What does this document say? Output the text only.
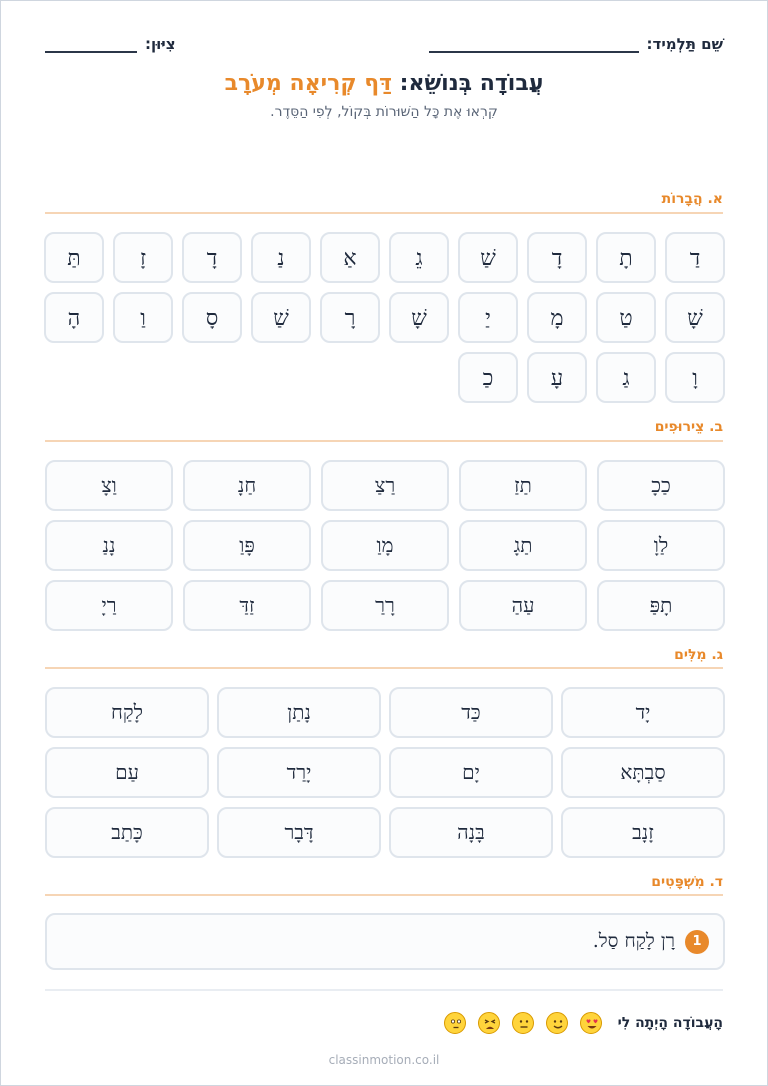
שֵׁם תַּלְמִיד:
צִיּוּן:
עֲבוֹדָה בְּנוֹשֵׂא: דַּף קְרִיאָה מְעֹרָב
קִרְאוּ אֶת כָּל הַשּׁוּרוֹת בְּקוֹל, לְפִי הַסֵּדֶר.
א. הֲבָרוֹת
דַ
תָ
דָ
שַׁ
גֵ
אַ
נַ
דָ
זָ
תַּ
שָׁ
טַ
מָ
יַ
שָׁ
רָ
שַׁ
סָ
וַ
הָ
וָ
גַ
עָ
כַ
ב. צֵירוּפִים
כַכָ
תַזַ
רַצַ
חַנָ
וַצָ
לַוָ
תַגָ
מָוַ
פָּוַ
נָנַ
תָפַּ
עַהַ
רָרַ
זַדַּ
רַיָ
ג. מִלִּים
יָד
כַּד
נָתַן
לָקַח
סַבְתָּא
יָם
יָרַד
עַם
זָנָב
בָּנָה
דָּבָר
כָּתַב
ד. מִשְׁפָּטִים
1
רָן לָקַח סַל.
הָעֲבוֹדָה הָיְתָה לִי
classinmotion.co.il
